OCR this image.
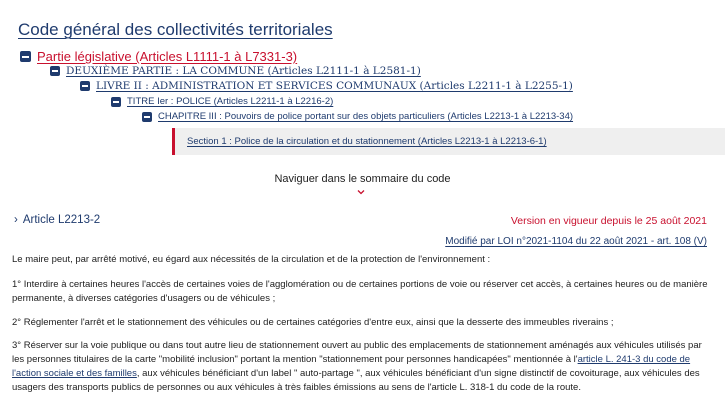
Code général des collectivités territoriales
Partie législative (Articles L1111-1 à L7331-3)
DEUXIÈME PARTIE : LA COMMUNE (Articles L2111-1 à L2581-1)
LIVRE II : ADMINISTRATION ET SERVICES COMMUNAUX (Articles L2211-1 à L2255-1)
TITRE Ier : POLICE (Articles L2211-1 à L2216-2)
CHAPITRE III : Pouvoirs de police portant sur des objets particuliers (Articles L2213-1 à L2213-34)
Section 1 : Police de la circulation et du stationnement (Articles L2213-1 à L2213-6-1)
Naviguer dans le sommaire du code
› Article L2213-2	Version en vigueur depuis le 25 août 2021
Modifié par LOI n°2021-1104 du 22 août 2021 - art. 108 (V)

Le maire peut, par arrêté motivé, eu égard aux nécessités de la circulation et de la protection de l'environnement :

1° Interdire à certaines heures l'accès de certaines voies de l'agglomération ou de certaines portions de voie ou réserver cet accès, à certaines heures ou de manière permanente, à diverses catégories d'usagers ou de véhicules ;

2° Réglementer l'arrêt et le stationnement des véhicules ou de certaines catégories d'entre eux, ainsi que la desserte des immeubles riverains ;

3° Réserver sur la voie publique ou dans tout autre lieu de stationnement ouvert au public des emplacements de stationnement aménagés aux véhicules utilisés par les personnes titulaires de la carte "mobilité inclusion" portant la mention "stationnement pour personnes handicapées" mentionnée à l'article L. 241-3 du code de l'action sociale et des familles, aux véhicules bénéficiant d'un label " auto-partage ", aux véhicules bénéficiant d'un signe distinctif de covoiturage, aux véhicules des usagers des transports publics de personnes ou aux véhicules à très faibles émissions au sens de l'article L. 318-1 du code de la route.
